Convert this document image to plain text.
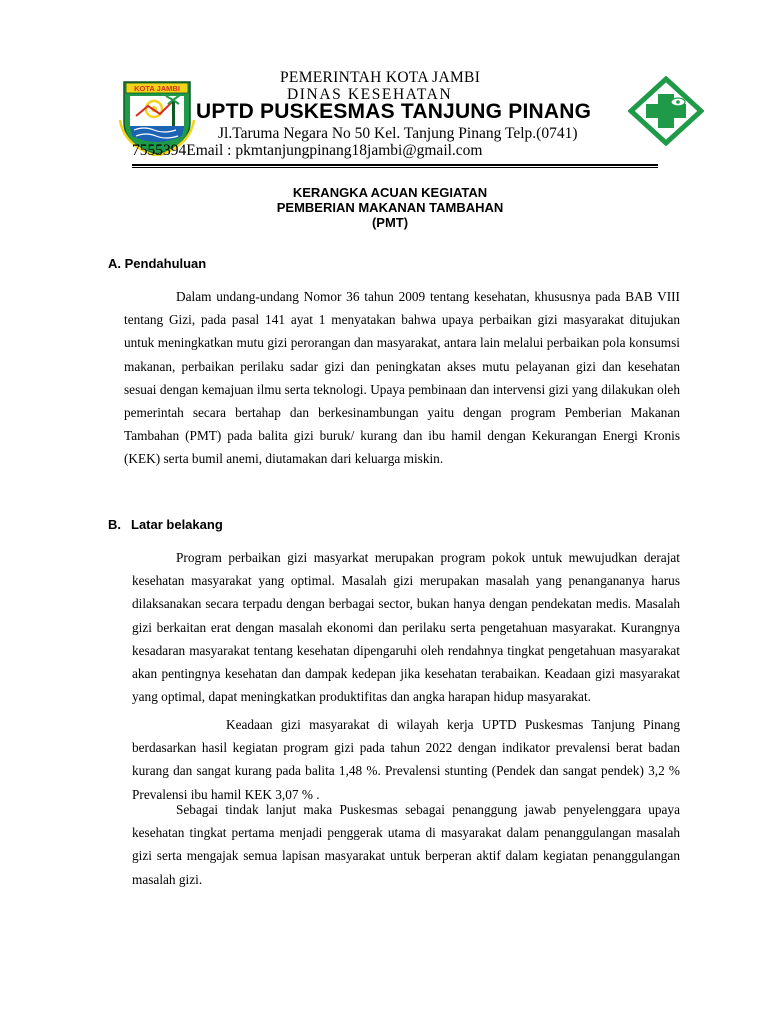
KOTA JAMBI
PEMERINTAH KOTA JAMBI
DINAS KESEHATAN
UPTD PUSKESMAS TANJUNG PINANG
Jl.Taruma Negara No 50 Kel. Tanjung Pinang Telp.(0741)
7555394Email : pkmtanjungpinang18jambi@gmail.com
KERANGKA ACUAN KEGIATAN
PEMBERIAN MAKANAN TAMBAHAN
(PMT)
A. Pendahuluan

Dalam undang-undang Nomor 36 tahun 2009 tentang kesehatan, khususnya pada BAB VIII tentang Gizi, pada pasal 141 ayat 1 menyatakan bahwa upaya perbaikan gizi masyarakat ditujukan untuk meningkatkan mutu gizi perorangan dan masyarakat, antara lain melalui perbaikan pola konsumsi makanan, perbaikan perilaku sadar gizi dan peningkatan akses mutu pelayanan gizi dan kesehatan sesuai dengan kemajuan ilmu serta teknologi. Upaya pembinaan dan intervensi gizi yang dilakukan oleh pemerintah secara bertahap dan berkesinambungan yaitu dengan program Pemberian Makanan Tambahan (PMT) pada balita gizi buruk/ kurang dan ibu hamil dengan Kekurangan Energi Kronis (KEK) serta bumil anemi, diutamakan dari keluarga miskin.

B. Latar belakang

Program perbaikan gizi masyarkat merupakan program pokok untuk mewujudkan derajat kesehatan masyarakat yang optimal. Masalah gizi merupakan masalah yang penangananya harus dilaksanakan secara terpadu dengan berbagai sector, bukan hanya dengan pendekatan medis. Masalah gizi berkaitan erat dengan masalah ekonomi dan perilaku serta pengetahuan masyarakat. Kurangnya kesadaran masyarakat tentang kesehatan dipengaruhi oleh rendahnya tingkat pengetahuan masyarakat akan pentingnya kesehatan dan dampak kedepan jika kesehatan terabaikan. Keadaan gizi masyarakat yang optimal, dapat meningkatkan produktifitas dan angka harapan hidup masyarakat.

Keadaan gizi masyarakat di wilayah kerja UPTD Puskesmas Tanjung Pinang berdasarkan hasil kegiatan program gizi pada tahun 2022 dengan indikator prevalensi berat badan kurang dan sangat kurang pada balita 1,48 %. Prevalensi stunting (Pendek dan sangat pendek) 3,2 % Prevalensi ibu hamil KEK 3,07 % .

Sebagai tindak lanjut maka Puskesmas sebagai penanggung jawab penyelenggara upaya kesehatan tingkat pertama menjadi penggerak utama di masyarakat dalam penanggulangan masalah gizi serta mengajak semua lapisan masyarakat untuk berperan aktif dalam kegiatan penanggulangan masalah gizi.
